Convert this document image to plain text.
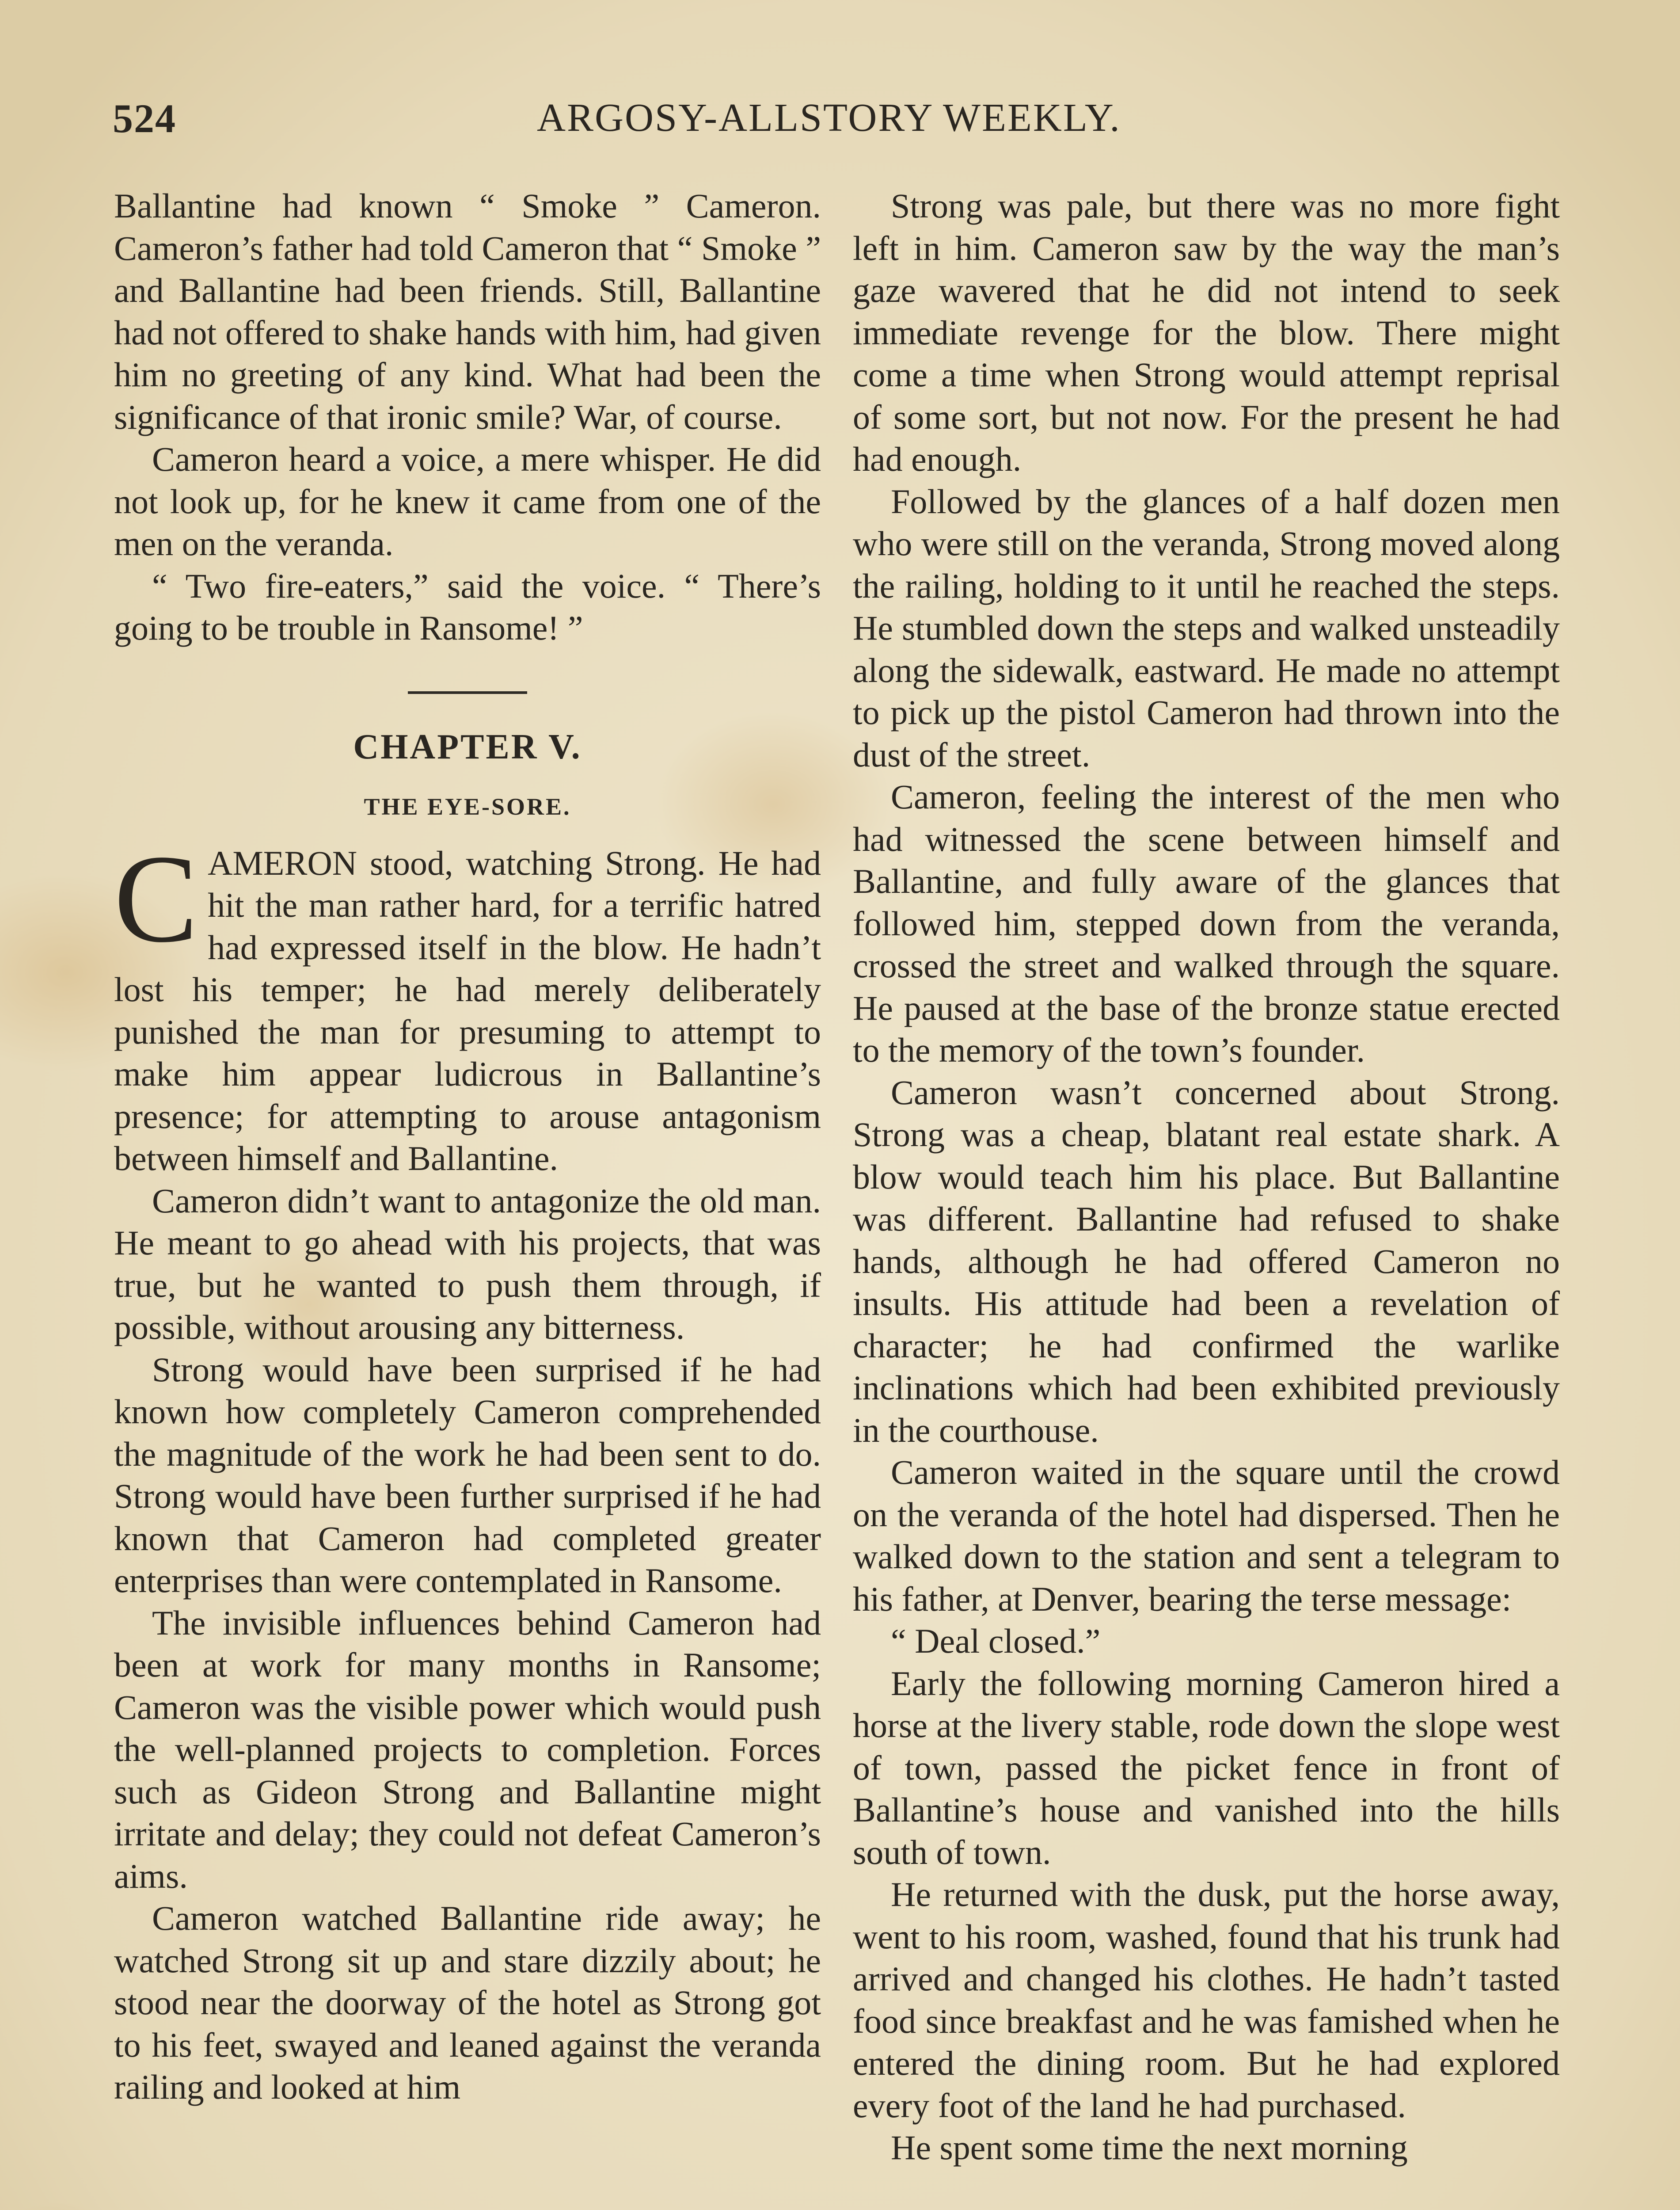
524	ARGOSY-ALLSTORY WEEKLY.

Ballantine had known “ Smoke ” Cameron. Cameron’s father had told Cameron that “ Smoke ” and Ballantine had been friends. Still, Ballantine had not offered to shake hands with him, had given him no greeting of any kind. What had been the significance of that ironic smile? War, of course.

Cameron heard a voice, a mere whisper. He did not look up, for he knew it came from one of the men on the veranda.

“ Two fire-eaters,” said the voice. “ There’s going to be trouble in Ransome! ”

CHAPTER V.
THE EYE-SORE.

CAMERON stood, watching Strong. He had hit the man rather hard, for a terrific hatred had expressed itself in the blow. He hadn’t lost his temper; he had merely deliberately punished the man for presuming to attempt to make him appear ludicrous in Ballantine’s presence; for attempting to arouse antagonism between himself and Ballantine.

Cameron didn’t want to antagonize the old man. He meant to go ahead with his projects, that was true, but he wanted to push them through, if possible, without arousing any bitterness.

Strong would have been surprised if he had known how completely Cameron comprehended the magnitude of the work he had been sent to do. Strong would have been further surprised if he had known that Cameron had completed greater enterprises than were contemplated in Ransome.

The invisible influences behind Cameron had been at work for many months in Ransome; Cameron was the visible power which would push the well-planned projects to completion. Forces such as Gideon Strong and Ballantine might irritate and delay; they could not defeat Cameron’s aims.

Cameron watched Ballantine ride away; he watched Strong sit up and stare dizzily about; he stood near the doorway of the hotel as Strong got to his feet, swayed and leaned against the veranda railing and looked at him

Strong was pale, but there was no more fight left in him. Cameron saw by the way the man’s gaze wavered that he did not intend to seek immediate revenge for the blow. There might come a time when Strong would attempt reprisal of some sort, but not now. For the present he had had enough.

Followed by the glances of a half dozen men who were still on the veranda, Strong moved along the railing, holding to it until he reached the steps. He stumbled down the steps and walked unsteadily along the sidewalk, eastward. He made no attempt to pick up the pistol Cameron had thrown into the dust of the street.

Cameron, feeling the interest of the men who had witnessed the scene between himself and Ballantine, and fully aware of the glances that followed him, stepped down from the veranda, crossed the street and walked through the square. He paused at the base of the bronze statue erected to the memory of the town’s founder.

Cameron wasn’t concerned about Strong. Strong was a cheap, blatant real estate shark. A blow would teach him his place. But Ballantine was different. Ballantine had refused to shake hands, although he had offered Cameron no insults. His attitude had been a revelation of character; he had confirmed the warlike inclinations which had been exhibited previously in the courthouse.

Cameron waited in the square until the crowd on the veranda of the hotel had dispersed. Then he walked down to the station and sent a telegram to his father, at Denver, bearing the terse message:

“ Deal closed.”

Early the following morning Cameron hired a horse at the livery stable, rode down the slope west of town, passed the picket fence in front of Ballantine’s house and vanished into the hills south of town.

He returned with the dusk, put the horse away, went to his room, washed, found that his trunk had arrived and changed his clothes. He hadn’t tasted food since breakfast and he was famished when he entered the dining room. But he had explored every foot of the land he had purchased.

He spent some time the next morning
